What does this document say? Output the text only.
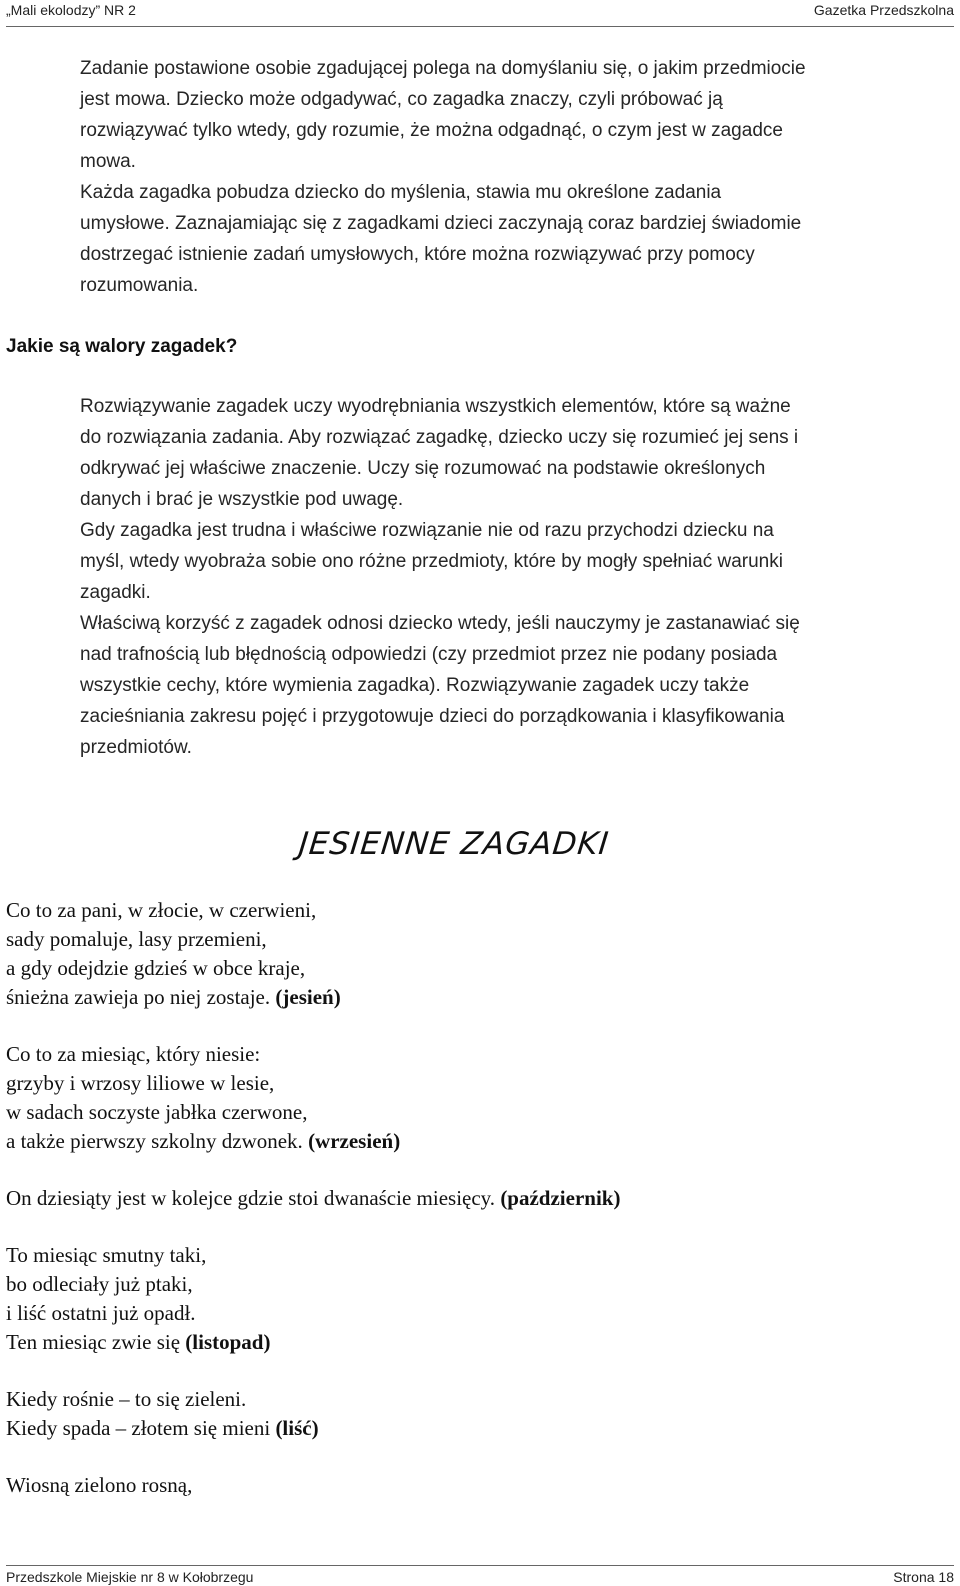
„Mali ekolodzy” NR 2	Gazetka Przedszkolna

Zadanie postawione osobie zgadującej polega na domyślaniu się, o jakim przedmiocie

jest mowa. Dziecko może odgadywać, co zagadka znaczy, czyli próbować ją

rozwiązywać tylko wtedy, gdy rozumie, że można odgadnąć, o czym jest w zagadce

mowa.

Każda zagadka pobudza dziecko do myślenia, stawia mu określone zadania

umysłowe. Zaznajamiając się z zagadkami dzieci zaczynają coraz bardziej świadomie

dostrzegać istnienie zadań umysłowych, które można rozwiązywać przy pomocy

rozumowania.

Jakie są walory zagadek?

Rozwiązywanie zagadek uczy wyodrębniania wszystkich elementów, które są ważne

do rozwiązania zadania. Aby rozwiązać zagadkę, dziecko uczy się rozumieć jej sens i

odkrywać jej właściwe znaczenie. Uczy się rozumować na podstawie określonych

danych i brać je wszystkie pod uwagę.

Gdy zagadka jest trudna i właściwe rozwiązanie nie od razu przychodzi dziecku na

myśl, wtedy wyobraża sobie ono różne przedmioty, które by mogły spełniać warunki

zagadki.

Właściwą korzyść z zagadek odnosi dziecko wtedy, jeśli nauczymy je zastanawiać się

nad trafnością lub błędnością odpowiedzi (czy przedmiot przez nie podany posiada

wszystkie cechy, które wymienia zagadka). Rozwiązywanie zagadek uczy także

zacieśniania zakresu pojęć i przygotowuje dzieci do porządkowania i klasyfikowania

przedmiotów.

JESIENNE ZAGADKI
Co to za pani, w złocie, w czerwieni,
sady pomaluje, lasy przemieni,
a gdy odejdzie gdzieś w obce kraje,
śnieżna zawieja po niej zostaje. (jesień)
Co to za miesiąc, który niesie:
grzyby i wrzosy liliowe w lesie,
w sadach soczyste jabłka czerwone,
a także pierwszy szkolny dzwonek. (wrzesień)
On dziesiąty jest w kolejce gdzie stoi dwanaście miesięcy. (październik)
To miesiąc smutny taki,
bo odleciały już ptaki,
i liść ostatni już opadł.
Ten miesiąc zwie się (listopad)
Kiedy rośnie – to się zieleni.
Kiedy spada – złotem się mieni (liść)
Wiosną zielono rosną,
Przedszkole Miejskie nr 8 w Kołobrzegu	Strona 18
